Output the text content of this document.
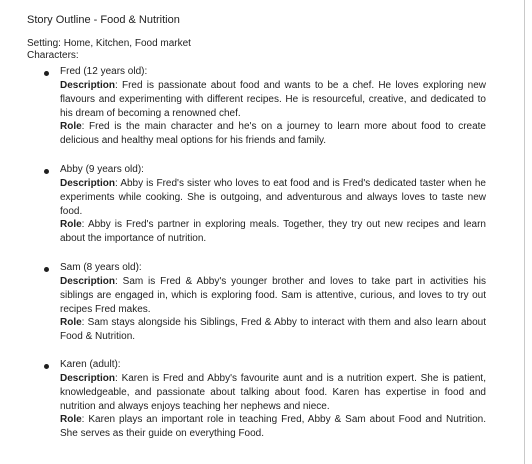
Story Outline - Food & Nutrition
Setting: Home, Kitchen, Food market
Characters:
Fred (12 years old):

Description: Fred is passionate about food and wants to be a chef. He loves exploring new flavours and experimenting with different recipes. He is resourceful, creative, and dedicated to his dream of becoming a renowned chef.

Role: Fred is the main character and he's on a journey to learn more about food to create delicious and healthy meal options for his friends and family.

Abby (9 years old):

Description: Abby is Fred's sister who loves to eat food and is Fred's dedicated taster when he experiments while cooking. She is outgoing, and adventurous and always loves to taste new food.

Role: Abby is Fred's partner in exploring meals. Together, they try out new recipes and learn about the importance of nutrition.

Sam (8 years old):

Description: Sam is Fred & Abby's younger brother and loves to take part in activities his siblings are engaged in, which is exploring food. Sam is attentive, curious, and loves to try out recipes Fred makes.

Role: Sam stays alongside his Siblings, Fred & Abby to interact with them and also learn about Food & Nutrition.

Karen (adult):

Description: Karen is Fred and Abby's favourite aunt and is a nutrition expert. She is patient, knowledgeable, and passionate about talking about food. Karen has expertise in food and nutrition and always enjoys teaching her nephews and niece.

Role: Karen plays an important role in teaching Fred, Abby & Sam about Food and Nutrition. She serves as their guide on everything Food.
